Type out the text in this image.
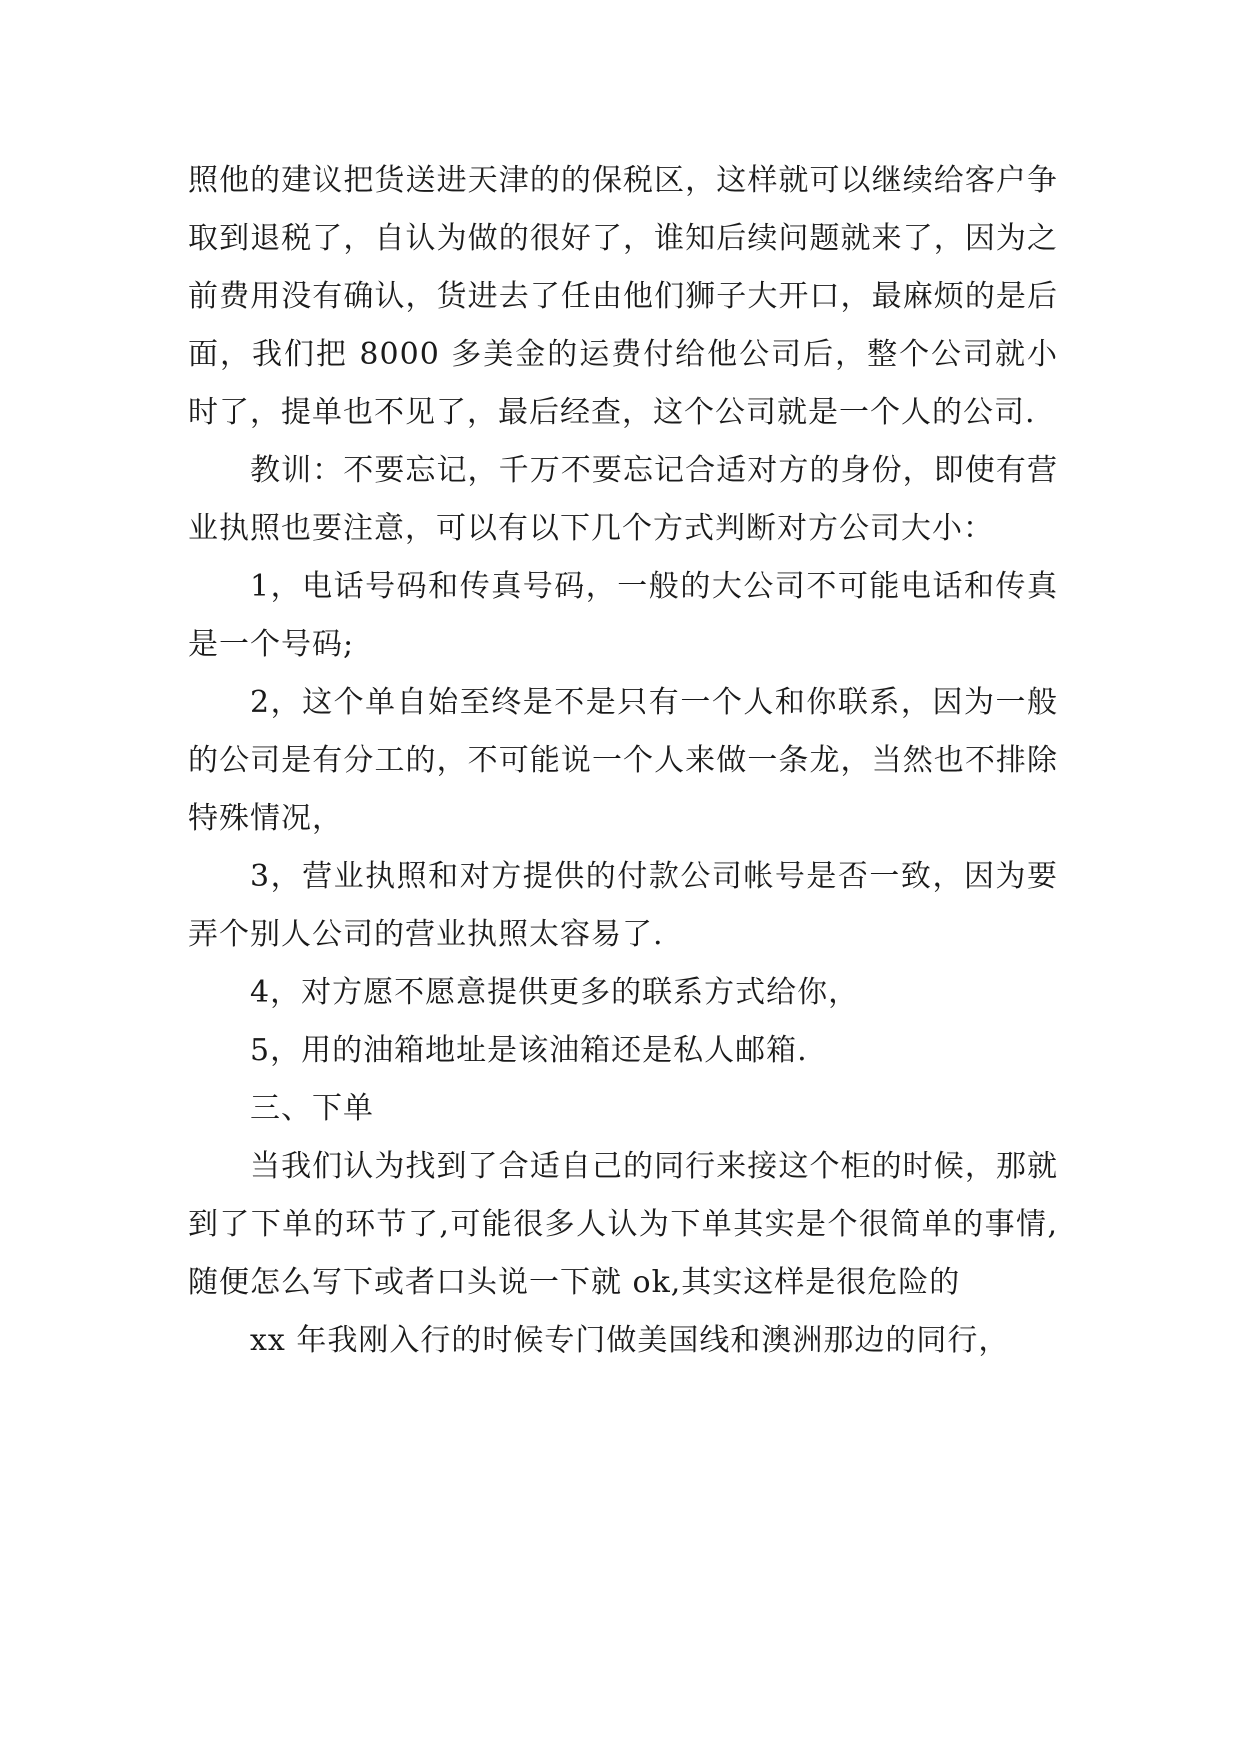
照他的建议把货送进天津的的保税区，这样就可以继续给客户争取到退税了，自认为做的很好了，谁知后续问题就来了，因为之前费用没有确认，货进去了任由他们狮子大开口，最麻烦的是后面，我们把 8000 多美金的运费付给他公司后，整个公司就小时了，提单也不见了，最后经查，这个公司就是一个人的公司.

教训：不要忘记，千万不要忘记合适对方的身份，即使有营业执照也要注意，可以有以下几个方式判断对方公司大小：

1，电话号码和传真号码，一般的大公司不可能电话和传真是一个号码;

2，这个单自始至终是不是只有一个人和你联系，因为一般的公司是有分工的，不可能说一个人来做一条龙，当然也不排除特殊情况，

3，营业执照和对方提供的付款公司帐号是否一致，因为要弄个别人公司的营业执照太容易了.

4，对方愿不愿意提供更多的联系方式给你，

5，用的油箱地址是该油箱还是私人邮箱.

三、下单

当我们认为找到了合适自己的同行来接这个柜的时候，那就到了下单的环节了,可能很多人认为下单其实是个很简单的事情,随便怎么写下或者口头说一下就 ok,其实这样是很危险的

xx 年我刚入行的时候专门做美国线和澳洲那边的同行，
